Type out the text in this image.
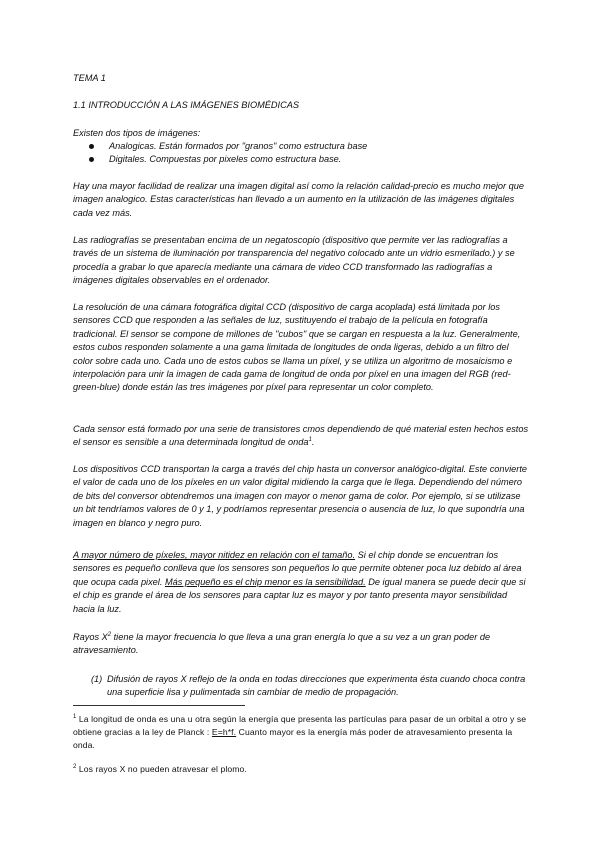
TEMA 1

1.1 INTRODUCCIÓN A LAS IMÁGENES BIOMÉDICAS

Existen dos tipos de imágenes:

Analogicas. Están formados por "granos" como estructura base
Digitales. Compuestas por pixeles como estructura base.

Hay una mayor facilidad de realizar una imagen digital así como la relación calidad-precio es mucho mejor que imagen analogico. Estas características han llevado a un aumento en la utilización de las imágenes digitales cada vez más.

Las radiografías se presentaban encima de un negatoscopio (dispositivo que permite ver las radiografías a través de un sistema de iluminación por transparencia del negativo colocado ante un vidrio esmerilado.) y se procedía a grabar lo que aparecía mediante una cámara de video CCD transformado las radiografías a imágenes digitales observables en el ordenador.

La resolución de una cámara fotográfica digital CCD (dispositivo de carga acoplada) está limitada por los sensores CCD que responden a las señales de luz, sustituyendo el trabajo de la película en fotografía tradicional. El sensor se compone de millones de "cubos" que se cargan en respuesta a la luz. Generalmente, estos cubos responden solamente a una gama limitada de longitudes de onda ligeras, debido a un filtro del color sobre cada uno. Cada uno de estos cubos se llama un píxel, y se utiliza un algoritmo de mosaicismo e interpolación para unir la imagen de cada gama de longitud de onda por píxel en una imagen del RGB (red-green-blue) donde están las tres imágenes por píxel para representar un color completo.

Cada sensor está formado por una serie de transistores cmos dependiendo de qué material esten hechos estos el sensor es sensible a una determinada longitud de onda$^1$.

Los dispositivos CCD transportan la carga a través del chip hasta un conversor analógico-digital. Este convierte el valor de cada uno de los píxeles en un valor digital midiendo la carga que le llega. Dependiendo del número de bits del conversor obtendremos una imagen con mayor o menor gama de color. Por ejemplo, si se utilizase un bit tendríamos valores de 0 y 1, y podríamos representar presencia o ausencia de luz, lo que supondría una imagen en blanco y negro puro.

A mayor número de píxeles, mayor nitidez en relación con el tamaño. Si el chip donde se encuentran los sensores es pequeño conlleva que los sensores son pequeños lo que permite obtener poca luz debido al área que ocupa cada pixel. Más pequeño es el chip menor es la sensibilidad. De igual manera se puede decir que si el chip es grande el área de los sensores para captar luz es mayor y por tanto presenta mayor sensibilidad hacia la luz.

Rayos $X^2$ tiene la mayor frecuencia lo que lleva a una gran energía lo que a su vez a un gran poder de atravesamiento.

(1) Difusión de rayos X reflejo de la onda en todas direcciones que experimenta ésta cuando choca contra una superficie lisa y pulimentada sin cambiar de medio de propagación.

$^1$ La longitud de onda es una u otra según la energía que presenta las partículas para pasar de un orbital a otro y se obtiene gracias a la ley de Planck : E=h*f. Cuanto mayor es la energía más poder de atravesamiento presenta la onda.

$^2$ Los rayos X no pueden atravesar el plomo.
